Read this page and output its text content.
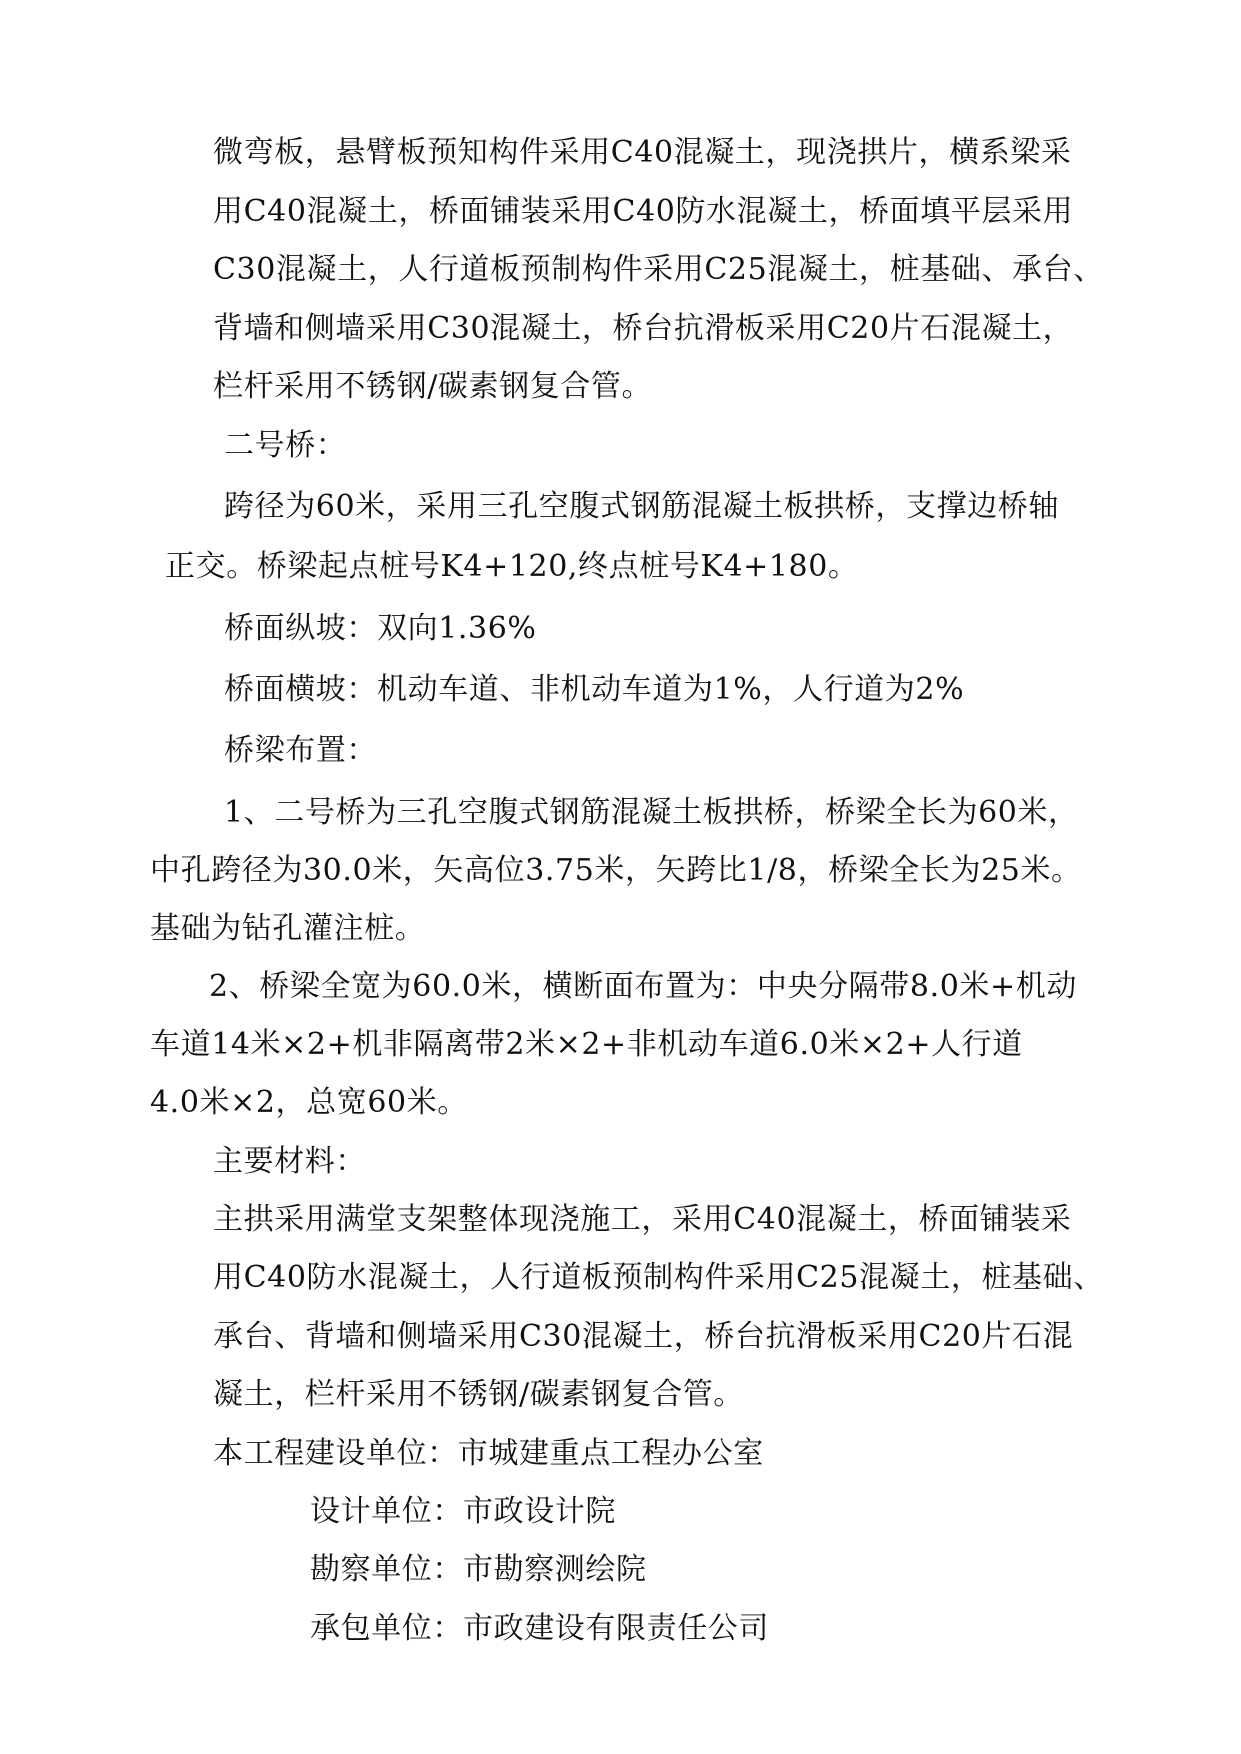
微弯板，悬臂板预知构件采用C40混凝土，现浇拱片，横系梁采

用C40混凝土，桥面铺装采用C40防水混凝土，桥面填平层采用

C30混凝土，人行道板预制构件采用C25混凝土，桩基础、承台、

背墙和侧墙采用C30混凝土，桥台抗滑板采用C20片石混凝土，

栏杆采用不锈钢/碳素钢复合管。

二号桥：

跨径为60米，采用三孔空腹式钢筋混凝土板拱桥，支撑边桥轴

正交。桥梁起点桩号K4+120,终点桩号K4+180。

桥面纵坡：双向1.36%

桥面横坡：机动车道、非机动车道为1%，人行道为2%

桥梁布置：

1、二号桥为三孔空腹式钢筋混凝土板拱桥，桥梁全长为60米，

中孔跨径为30.0米，矢高位3.75米，矢跨比1/8，桥梁全长为25米。

基础为钻孔灌注桩。

2、桥梁全宽为60.0米，横断面布置为：中央分隔带8.0米+机动

车道14米×2+机非隔离带2米×2+非机动车道6.0米×2+人行道

4.0米×2，总宽60米。

主要材料：

主拱采用满堂支架整体现浇施工，采用C40混凝土，桥面铺装采

用C40防水混凝土，人行道板预制构件采用C25混凝土，桩基础、

承台、背墙和侧墙采用C30混凝土，桥台抗滑板采用C20片石混

凝土，栏杆采用不锈钢/碳素钢复合管。

本工程建设单位：市城建重点工程办公室

设计单位：市政设计院

勘察单位：市勘察测绘院

承包单位：市政建设有限责任公司
